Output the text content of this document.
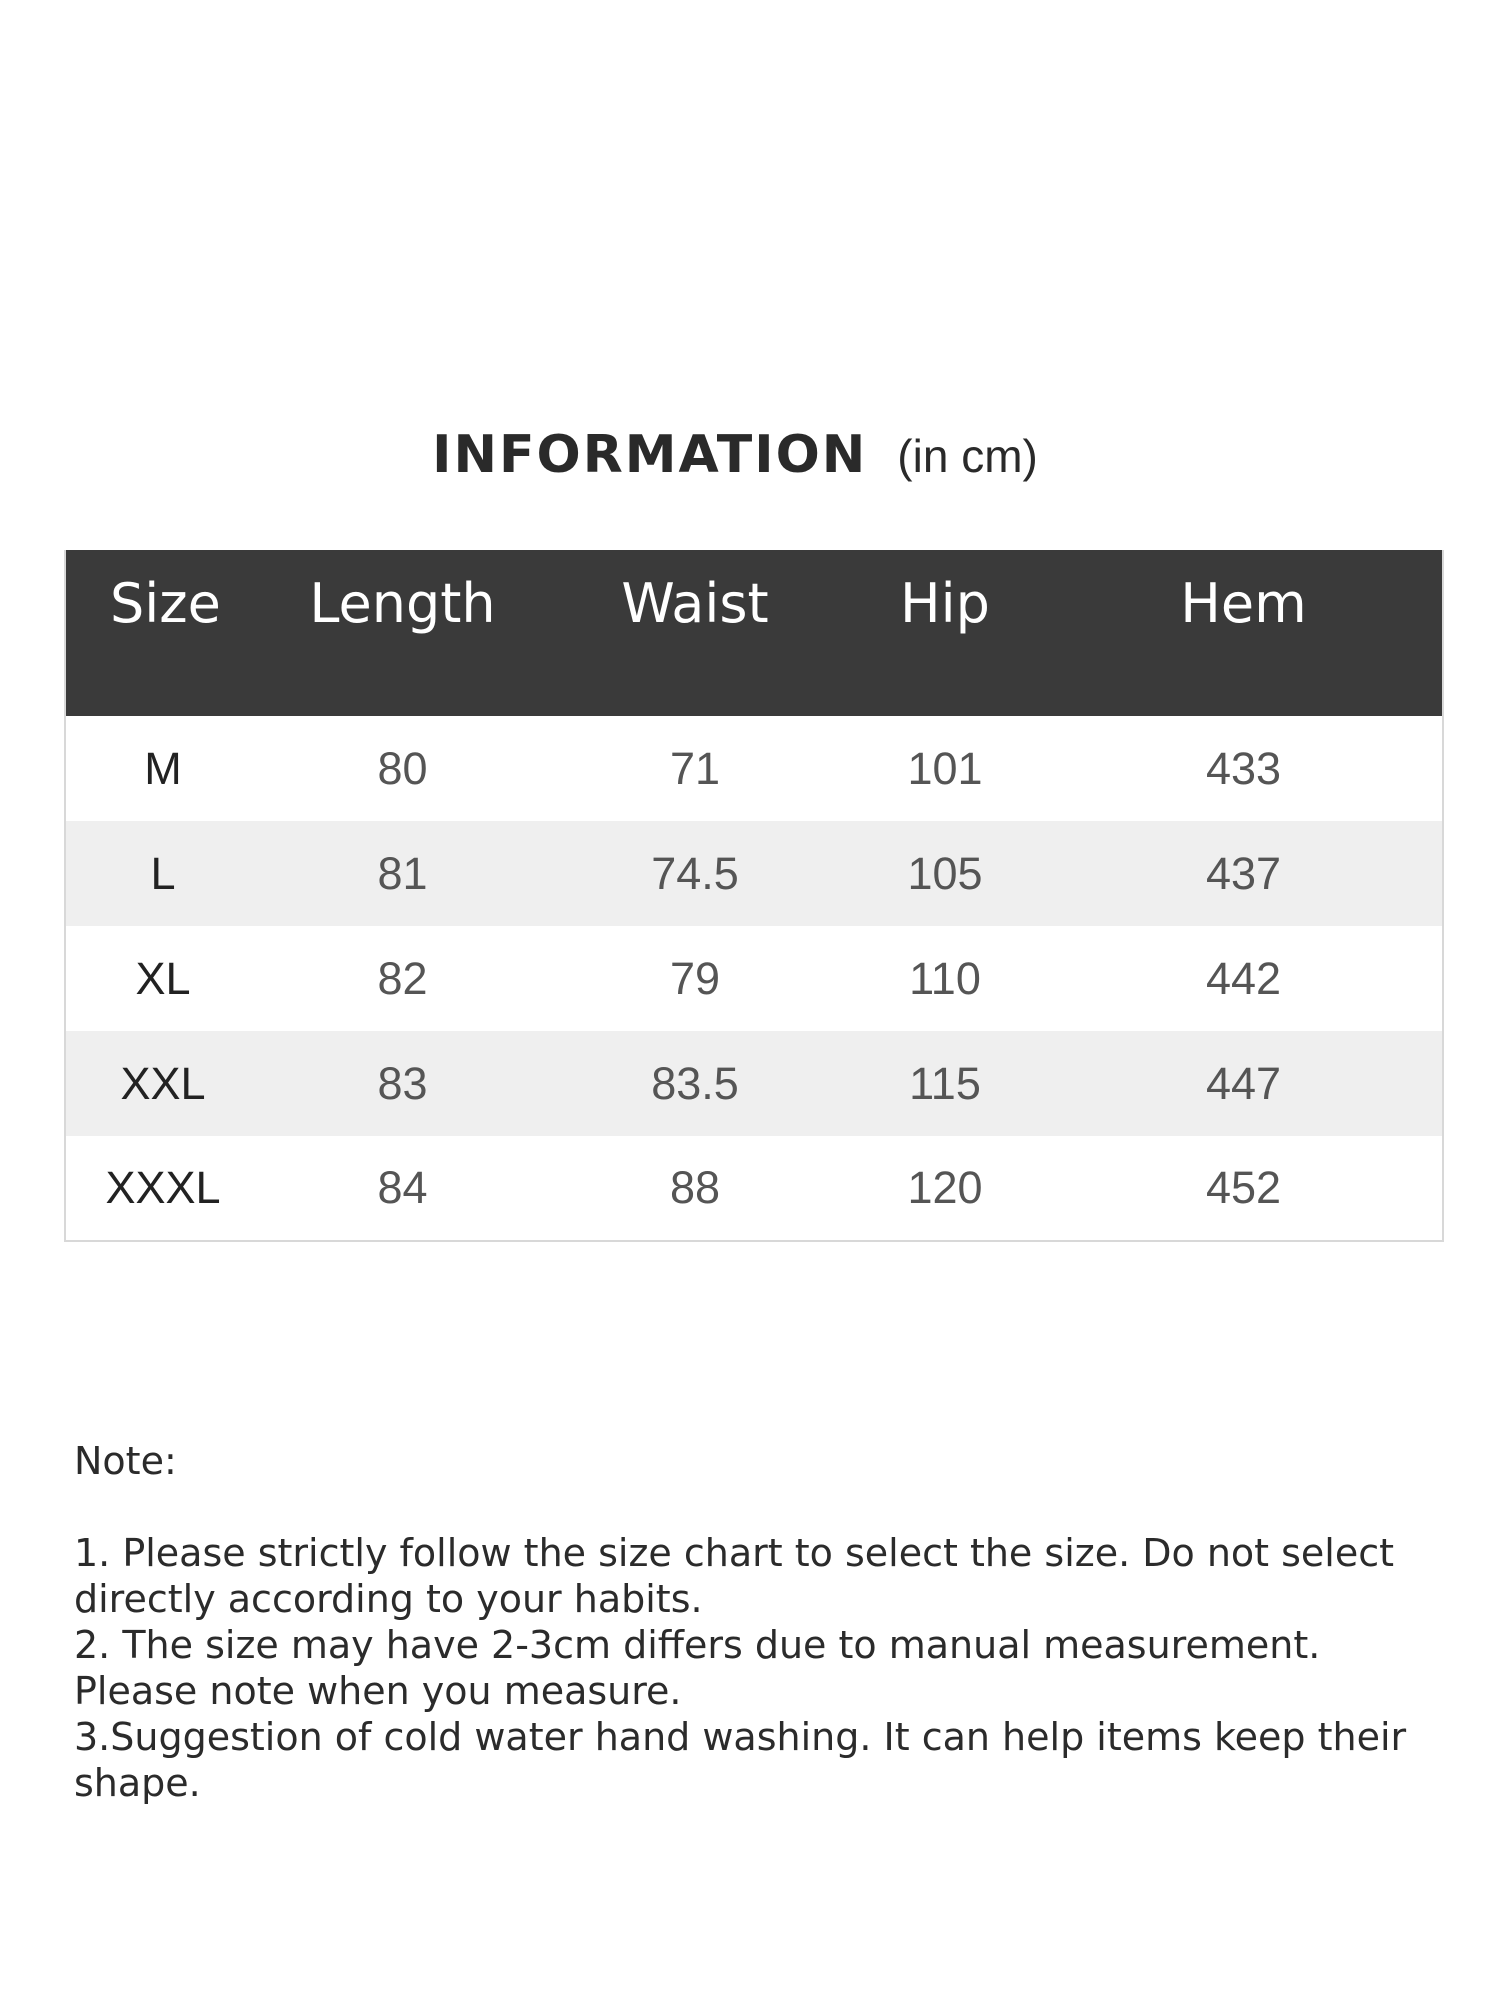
INFORMATION (in cm)
Size	Length	Waist	Hip	Hem
M	80	71	101	433
L	81	74.5	105	437
XL	82	79	110	442
XXL	83	83.5	115	447
XXXL	84	88	120	452

Note:

1. Please strictly follow the size chart to select the size. Do not select directly according to your habits.

2. The size may have 2-3cm differs due to manual measurement. Please note when you measure.

3.Suggestion of cold water hand washing. It can help items keep their shape.
